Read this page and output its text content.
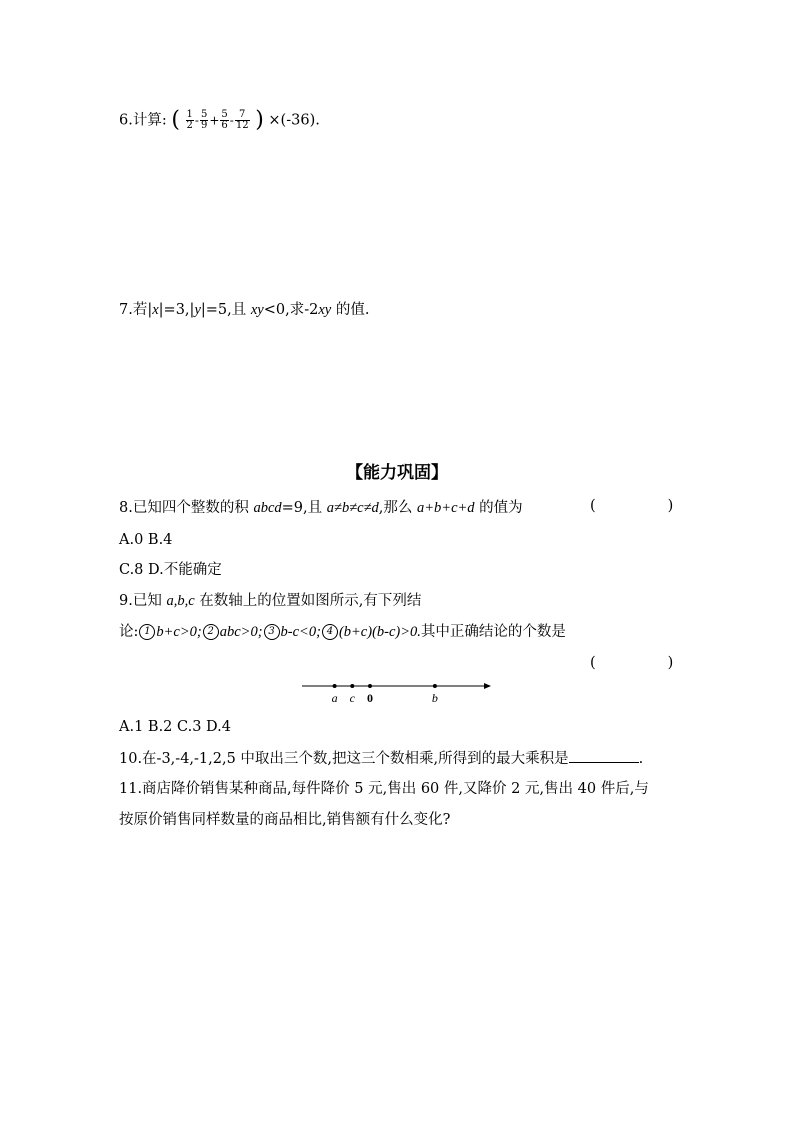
6.计算: ( $\frac{1}{2} - \frac{5}{9} + \frac{5}{6} - \frac{7}{12}$ ) ×(-36).
7.若|x|=3,|y|=5,且 xy<0,求-2xy 的值.
【能力巩固】
8.已知四个整数的积 abcd=9,且 a≠b≠c≠d,那么 a+b+c+d 的值为	(	)
A.0 B.4
C.8 D.不能确定
9.已知 a,b,c 在数轴上的位置如图所示,有下列结
论: 1 b+c>0; 2 abc>0; 3 b-c<0; 4 (b+c)(b-c)>0.其中正确结论的个数是
(	)
a c 0	b
A.1 B.2 C.3 D.4
10.在-3,-4,-1,2,5 中取出三个数,把这三个数相乘,所得到的最大乘积是	.
11.商店降价销售某种商品,每件降价 5 元,售出 60 件,又降价 2 元,售出 40 件后,与
按原价销售同样数量的商品相比,销售额有什么变化?
